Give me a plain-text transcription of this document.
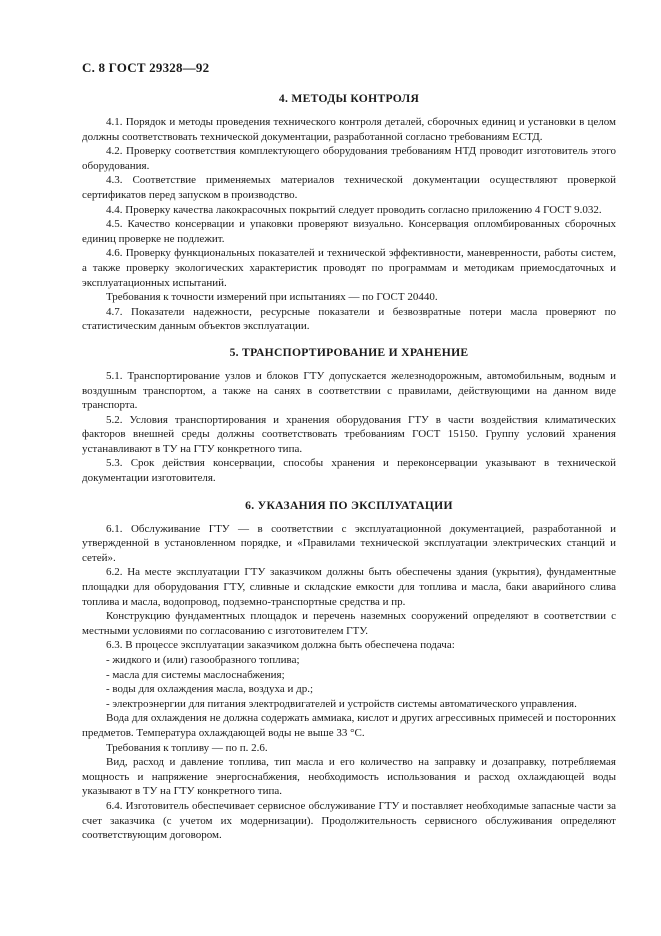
С. 8 ГОСТ 29328—92
4. МЕТОДЫ КОНТРОЛЯ

4.1. Порядок и методы проведения технического контроля деталей, сборочных единиц и установки в целом должны соответствовать технической документации, разработанной согласно требованиям ЕСТД.

4.2. Проверку соответствия комплектующего оборудования требованиям НТД проводит изготовитель этого оборудования.

4.3. Соответствие применяемых материалов технической документации осуществляют проверкой сертификатов перед запуском в производство.

4.4. Проверку качества лакокрасочных покрытий следует проводить согласно приложению 4 ГОСТ 9.032.

4.5. Качество консервации и упаковки проверяют визуально. Консервация опломбированных сборочных единиц проверке не подлежит.

4.6. Проверку функциональных показателей и технической эффективности, маневренности, работы систем, а также проверку экологических характеристик проводят по программам и методикам приемосдаточных и эксплуатационных испытаний.

Требования к точности измерений при испытаниях — по ГОСТ 20440.

4.7. Показатели надежности, ресурсные показатели и безвозвратные потери масла проверяют по статистическим данным объектов эксплуатации.

5. ТРАНСПОРТИРОВАНИЕ И ХРАНЕНИЕ

5.1. Транспортирование узлов и блоков ГТУ допускается железнодорожным, автомобильным, водным и воздушным транспортом, а также на санях в соответствии с правилами, действующими на данном виде транспорта.

5.2. Условия транспортирования и хранения оборудования ГТУ в части воздействия климатических факторов внешней среды должны соответствовать требованиям ГОСТ 15150. Группу условий хранения устанавливают в ТУ на ГТУ конкретного типа.

5.3. Срок действия консервации, способы хранения и переконсервации указывают в технической документации изготовителя.

6. УКАЗАНИЯ ПО ЭКСПЛУАТАЦИИ

6.1. Обслуживание ГТУ — в соответствии с эксплуатационной документацией, разработанной и утвержденной в установленном порядке, и «Правилами технической эксплуатации электрических станций и сетей».

6.2. На месте эксплуатации ГТУ заказчиком должны быть обеспечены здания (укрытия), фундаментные площадки для оборудования ГТУ, сливные и складские емкости для топлива и масла, баки аварийного слива топлива и масла, водопровод, подземно-транспортные средства и пр.

Конструкцию фундаментных площадок и перечень наземных сооружений определяют в соответствии с местными условиями по согласованию с изготовителем ГТУ.

6.3. В процессе эксплуатации заказчиком должна быть обеспечена подача:

- жидкого и (или) газообразного топлива;

- масла для системы маслоснабжения;

- воды для охлаждения масла, воздуха и др.;

- электроэнергии для питания электродвигателей и устройств системы автоматического управления.

Вода для охлаждения не должна содержать аммиака, кислот и других агрессивных примесей и посторонних предметов. Температура охлаждающей воды не выше 33 °С.

Требования к топливу — по п. 2.6.

Вид, расход и давление топлива, тип масла и его количество на заправку и дозаправку, потребляемая мощность и напряжение энергоснабжения, необходимость использования и расход охлаждающей воды указывают в ТУ на ГТУ конкретного типа.

6.4. Изготовитель обеспечивает сервисное обслуживание ГТУ и поставляет необходимые запасные части за счет заказчика (с учетом их модернизации). Продолжительность сервисного обслуживания определяют соответствующим договором.
